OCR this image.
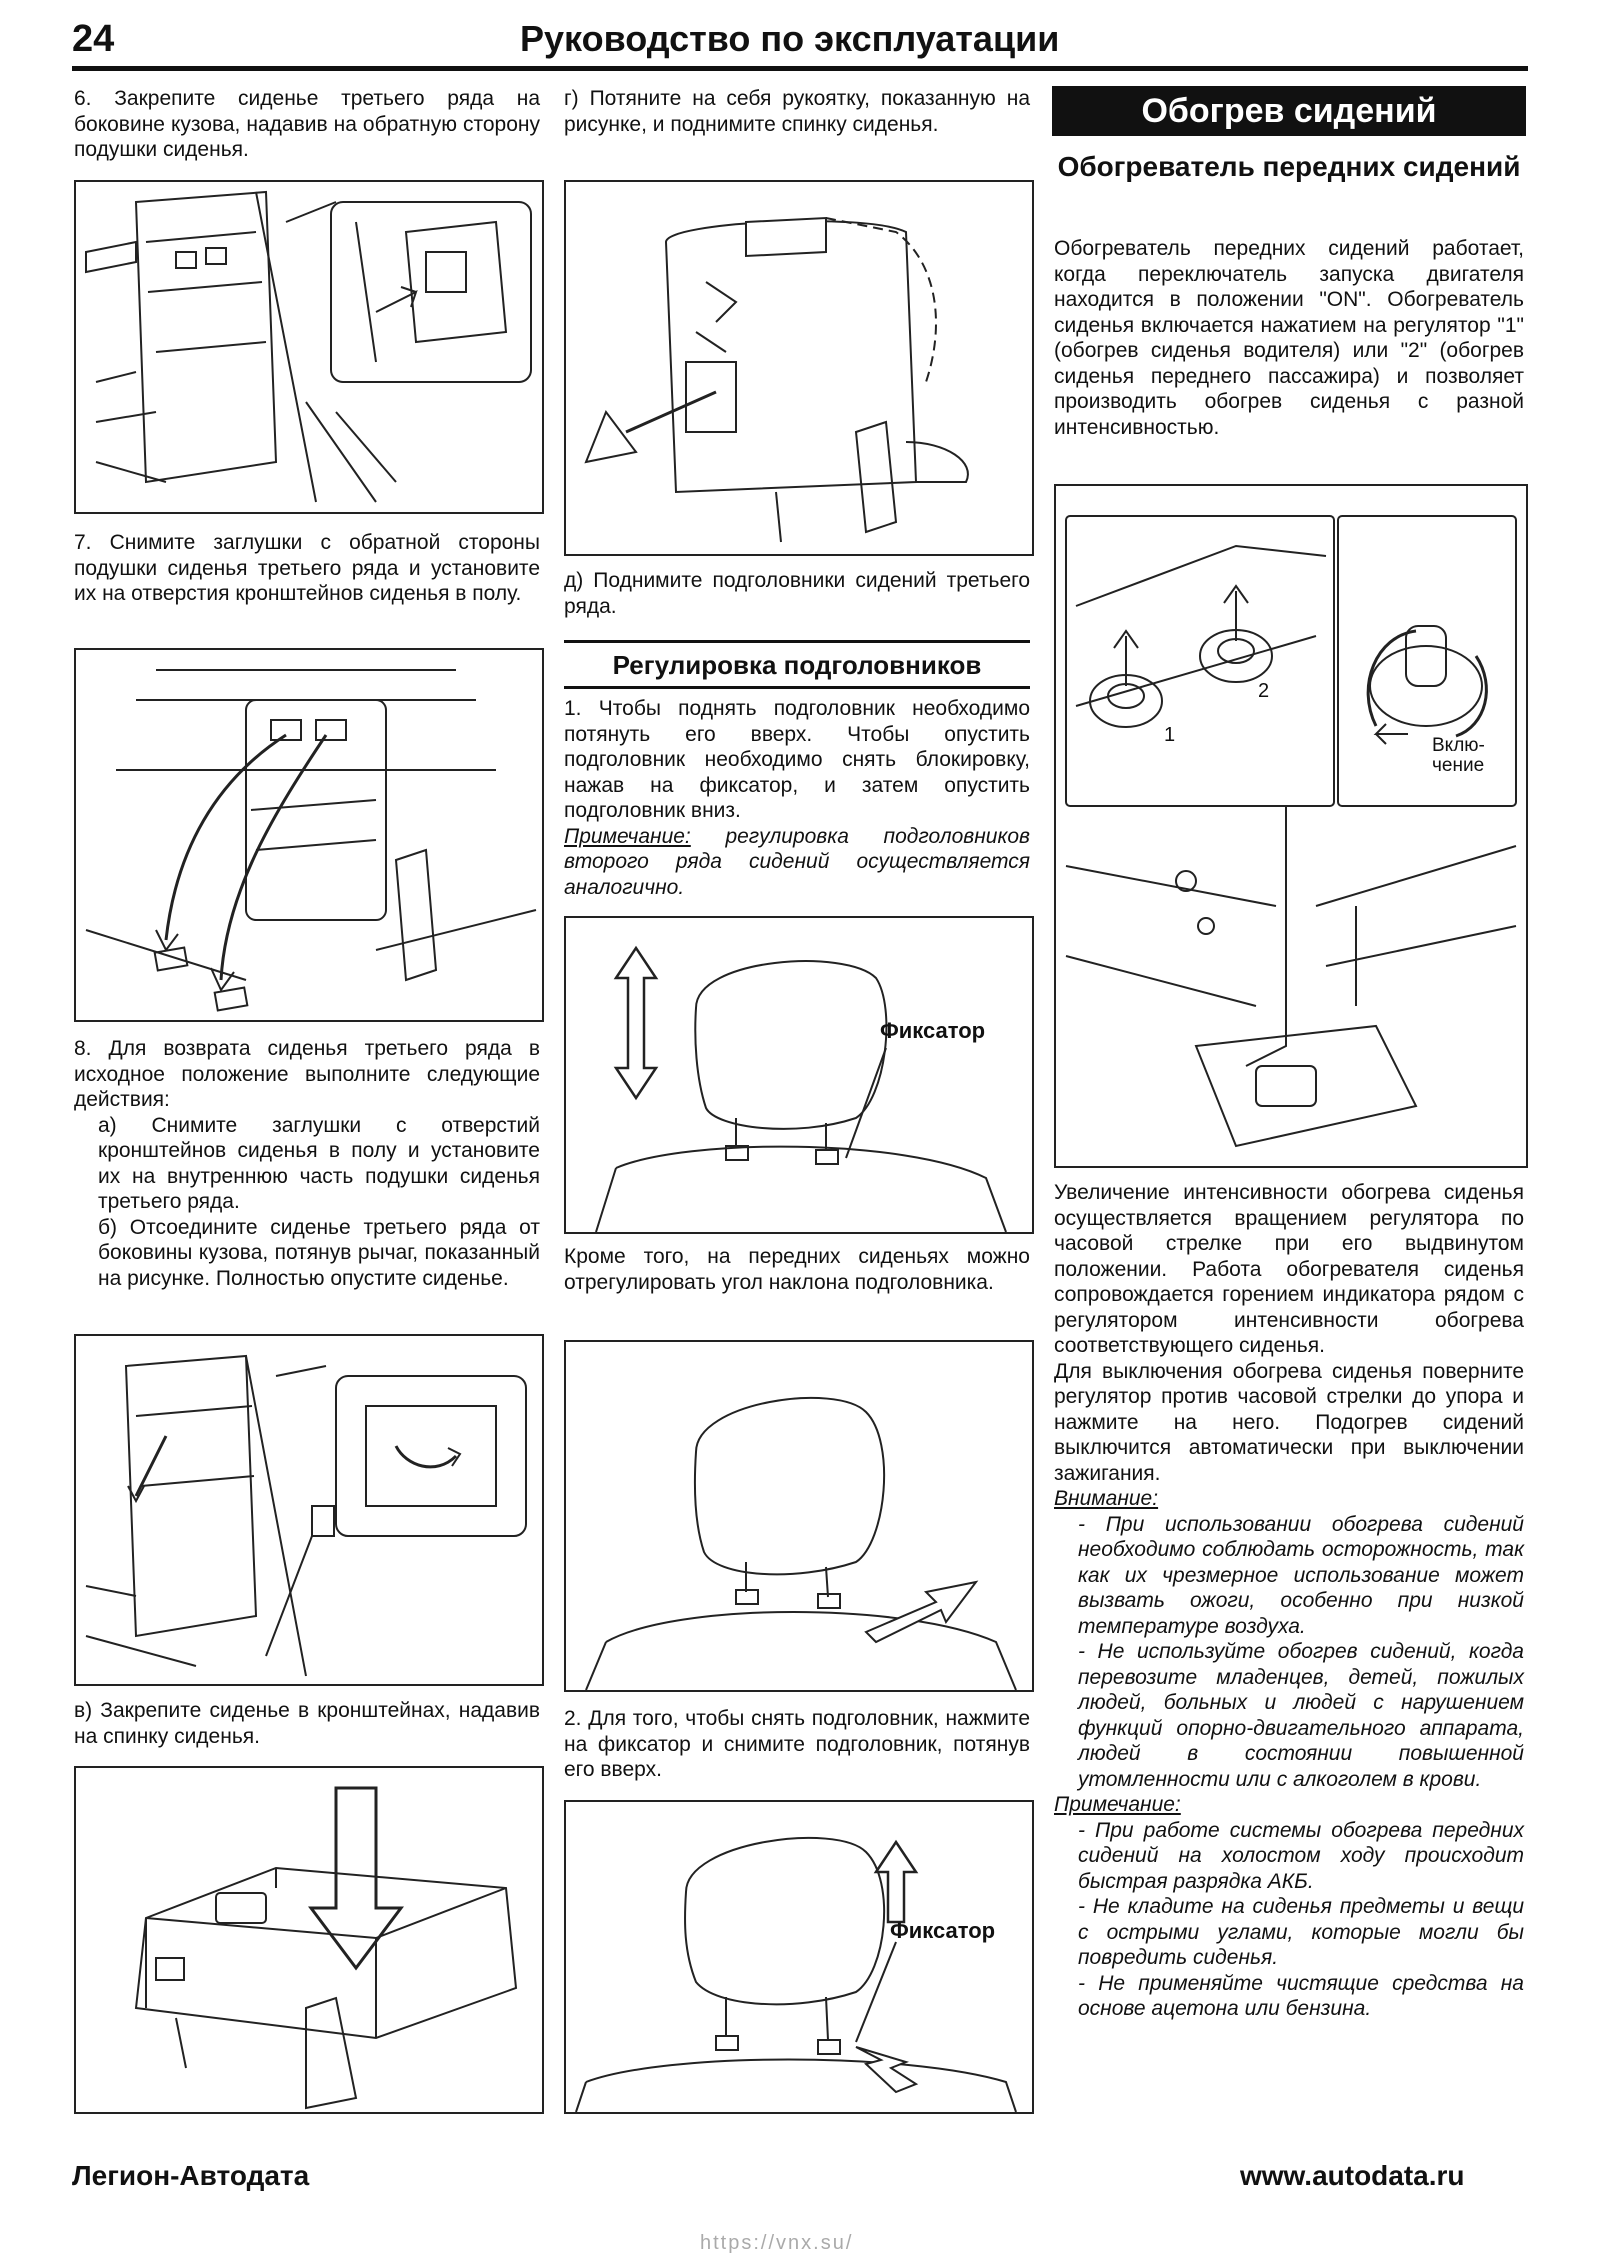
24	Руководство по эксплуатации
6. Закрепите сиденье третьего ряда на боковине кузова, надавив на обратную сторону подушки сиденья.
7. Снимите заглушки с обратной стороны подушки сиденья третьего ряда и установите их на отверстия кронштейнов сиденья в полу.

8. Для возврата сиденья третьего ряда в исходное положение выполните следующие действия:

а) Снимите заглушки с отверстий кронштейнов сиденья в полу и установите их на внутреннюю часть подушки сиденья третьего ряда.

б) Отсоедините сиденье третьего ряда от боковины кузова, потянув рычаг, показанный на рисунке. Полностью опустите сиденье.

в) Закрепите сиденье в кронштейнах, надавив на спинку сиденья.
г) Потяните на себя рукоятку, показанную на рисунке, и поднимите спинку сиденья.
д) Поднимите подголовники сидений третьего ряда.
Регулировка подголовников

1. Чтобы поднять подголовник необходимо потянуть его вверх. Чтобы опустить подголовник необходимо снять блокировку, нажав на фиксатор, и затем опустить подголовник вниз.

Примечание: регулировка подголовников второго ряда сидений осуществляется аналогично.

Фиксатор
Кроме того, на передних сиденьях можно отрегулировать угол наклона подголовника.
2. Для того, чтобы снять подголовник, нажмите на фиксатор и снимите подголовник, потянув его вверх.
Фиксатор
Обогрев сидений
Обогреватель передних сидений
Обогреватель передних сидений работает, когда переключатель запуска двигателя находится в положении "ON". Обогреватель сиденья включается нажатием на регулятор "1" (обогрев сиденья водителя) или "2" (обогрев сиденья переднего пассажира) и позволяет производить обогрев сиденья с разной интенсивностью.
1
2
Вклю-
чение

Увеличение интенсивности обогрева сиденья осуществляется вращением регулятора по часовой стрелке при его выдвинутом положении. Работа обогревателя сиденья сопровождается горением индикатора рядом с регулятором интенсивности обогрева соответствующего сиденья.

Для выключения обогрева сиденья поверните регулятор против часовой стрелки до упора и нажмите на него. Подогрев сидений выключится автоматически при выключении зажигания.

Внимание:

- При использовании обогрева сидений необходимо соблюдать осторожность, так как их чрезмерное использование может вызвать ожоги, особенно при низкой температуре воздуха.

- Не используйте обогрев сидений, когда перевозите младенцев, детей, пожилых людей, больных и людей с нарушением функций опорно-двигательного аппарата, людей в состоянии повышенной утомленности или с алкоголем в крови.

Примечание:

- При работе системы обогрева передних сидений на холостом ходу происходит быстрая разрядка АКБ.

- Не кладите на сиденья предметы и вещи с острыми углами, которые могли бы повредить сиденья.

- Не применяйте чистящие средства на основе ацетона или бензина.

Легион-Автодата	www.autodata.ru
https://vnx.su/
